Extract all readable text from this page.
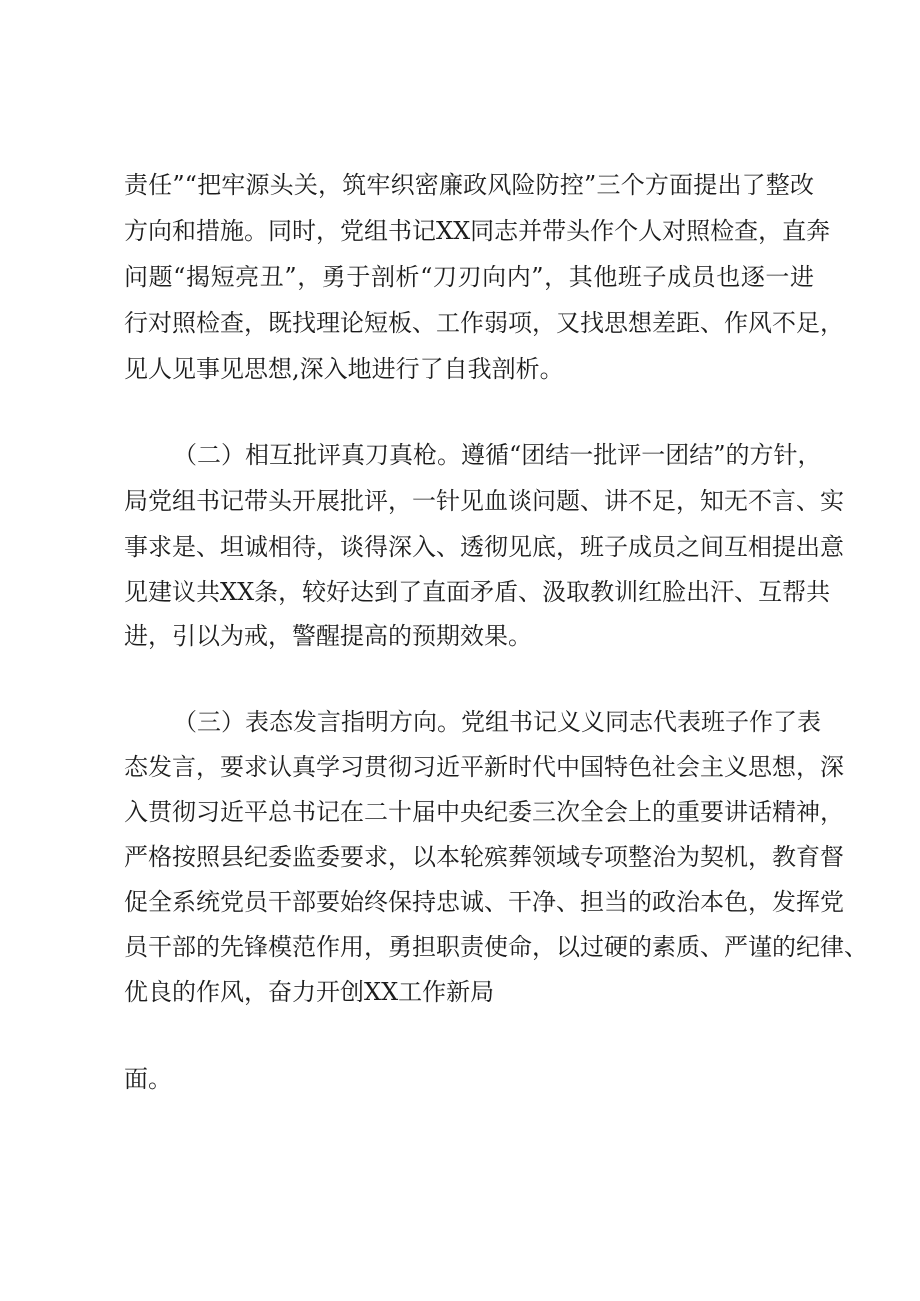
责任”“把牢源头关，筑牢织密廉政风险防控”三个方面提出了整改
方向和措施。同时，党组书记XX同志并带头作个人对照检查，直奔
问题“揭短亮丑”，勇于剖析“刀刃向内”，其他班子成员也逐一进
行对照检查，既找理论短板、工作弱项，又找思想差距、作风不足，
见人见事见思想,深入地进行了自我剖析。
（二）相互批评真刀真枪。遵循“团结一批评一团结”的方针，
局党组书记带头开展批评，一针见血谈问题、讲不足，知无不言、实
事求是、坦诚相待，谈得深入、透彻见底，班子成员之间互相提出意
见建议共XX条，较好达到了直面矛盾、汲取教训红脸出汗、互帮共
进，引以为戒，警醒提高的预期效果。
（三）表态发言指明方向。党组书记义义同志代表班子作了表
态发言，要求认真学习贯彻习近平新时代中国特色社会主义思想，深
入贯彻习近平总书记在二十届中央纪委三次全会上的重要讲话精神，
严格按照县纪委监委要求，以本轮殡葬领域专项整治为契机，教育督
促全系统党员干部要始终保持忠诚、干净、担当的政治本色，发挥党
员干部的先锋模范作用，勇担职责使命，以过硬的素质、严谨的纪律、
优良的作风，奋力开创XX工作新局
面。
